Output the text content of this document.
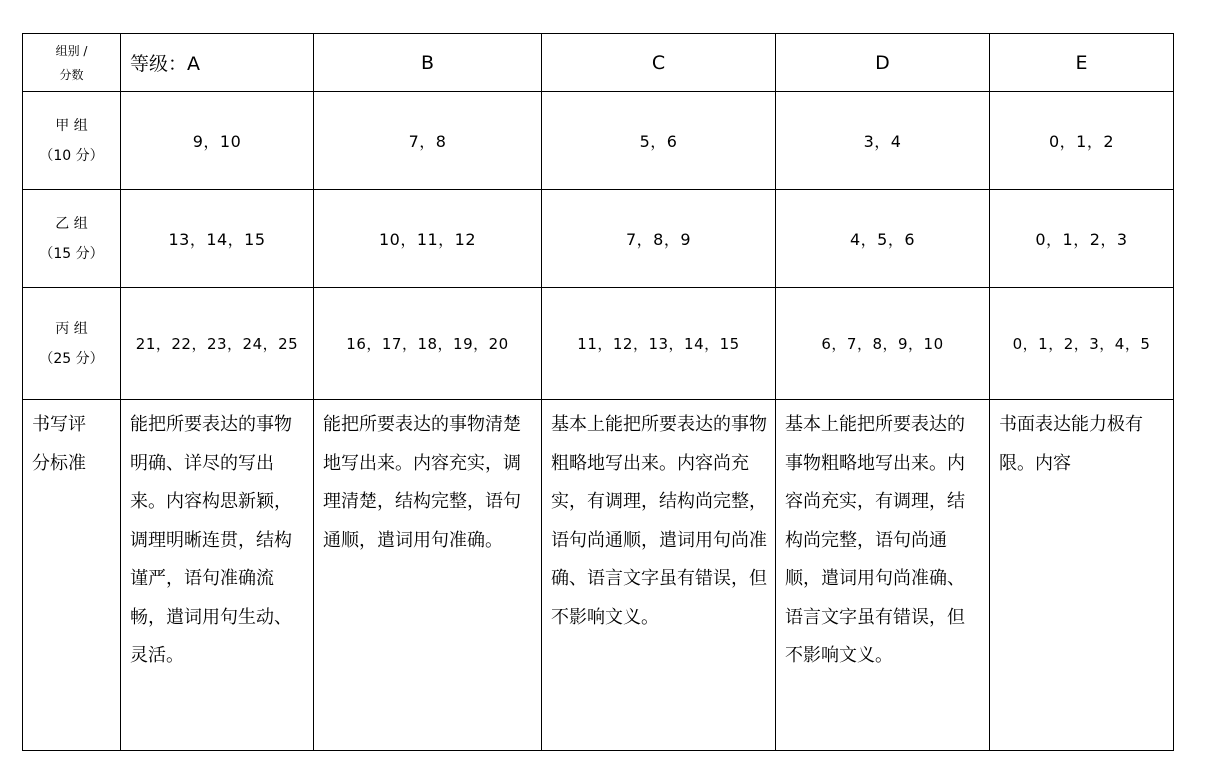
组别 /
分数	等级：A	B	C	D	E

甲 组
（10 分）	9，10	7，8	5，6	3，4	0，1，2

乙 组
（15 分）	13，14，15	10，11，12	7，8，9	4，5，6	0，1，2，3

丙 组
（25 分）	21，22，23，24，25	16，17，18，19，20	11，12，13，14，15	6，7，8，9，10	0，1，2，3，4，5

书写评
分标准	能把所要表达的事物明确、详尽的写出来。内容构思新颖，调理明晰连贯，结构谨严，语句准确流畅，遣词用句生动、灵活。	能把所要表达的事物清楚地写出来。内容充实，调理清楚，结构完整，语句通顺，遣词用句准确。	基本上能把所要表达的事物粗略地写出来。内容尚充实，有调理，结构尚完整，语句尚通顺，遣词用句尚准确、语言文字虽有错误，但不影响文义。	基本上能把所要表达的事物粗略地写出来。内容尚充实，有调理，结构尚完整，语句尚通顺，遣词用句尚准确、语言文字虽有错误，但不影响文义。	书面表达能力极有限。内容
